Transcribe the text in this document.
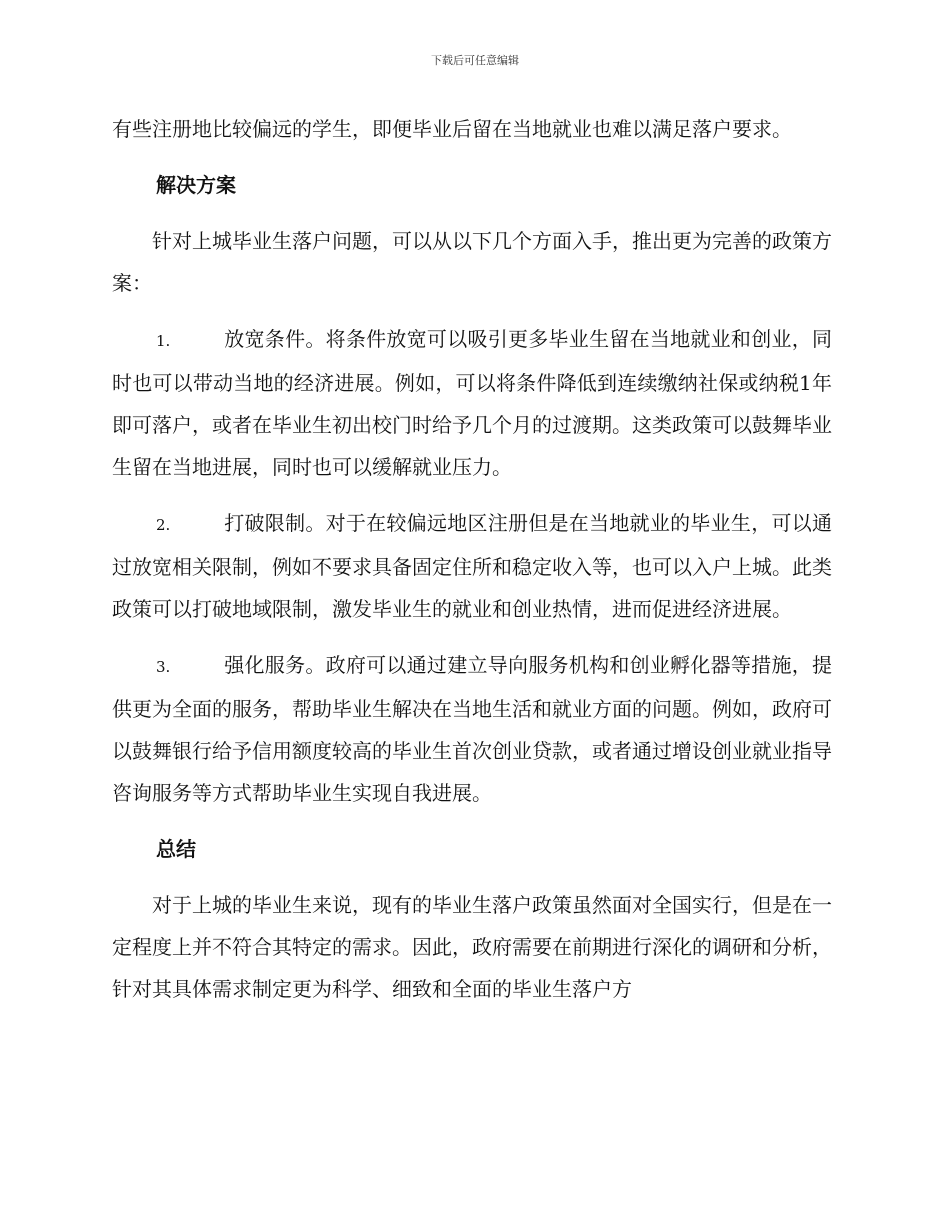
下载后可任意编辑

有些注册地比较偏远的学生，即便毕业后留在当地就业也难以满足落户要求。

解决方案

针对上城毕业生落户问题，可以从以下几个方面入手，推出更为完善的政策方案：

1.	放宽条件。将条件放宽可以吸引更多毕业生留在当地就业和创业，同时也可以带动当地的经济进展。例如，可以将条件降低到连续缴纳社保或纳税1年即可落户，或者在毕业生初出校门时给予几个月的过渡期。这类政策可以鼓舞毕业生留在当地进展，同时也可以缓解就业压力。

2.	打破限制。对于在较偏远地区注册但是在当地就业的毕业生，可以通过放宽相关限制，例如不要求具备固定住所和稳定收入等，也可以入户上城。此类政策可以打破地域限制，激发毕业生的就业和创业热情，进而促进经济进展。

3.	强化服务。政府可以通过建立导向服务机构和创业孵化器等措施，提供更为全面的服务，帮助毕业生解决在当地生活和就业方面的问题。例如，政府可以鼓舞银行给予信用额度较高的毕业生首次创业贷款，或者通过增设创业就业指导咨询服务等方式帮助毕业生实现自我进展。

总结

对于上城的毕业生来说，现有的毕业生落户政策虽然面对全国实行，但是在一定程度上并不符合其特定的需求。因此，政府需要在前期进行深化的调研和分析，针对其具体需求制定更为科学、细致和全面的毕业生落户方
